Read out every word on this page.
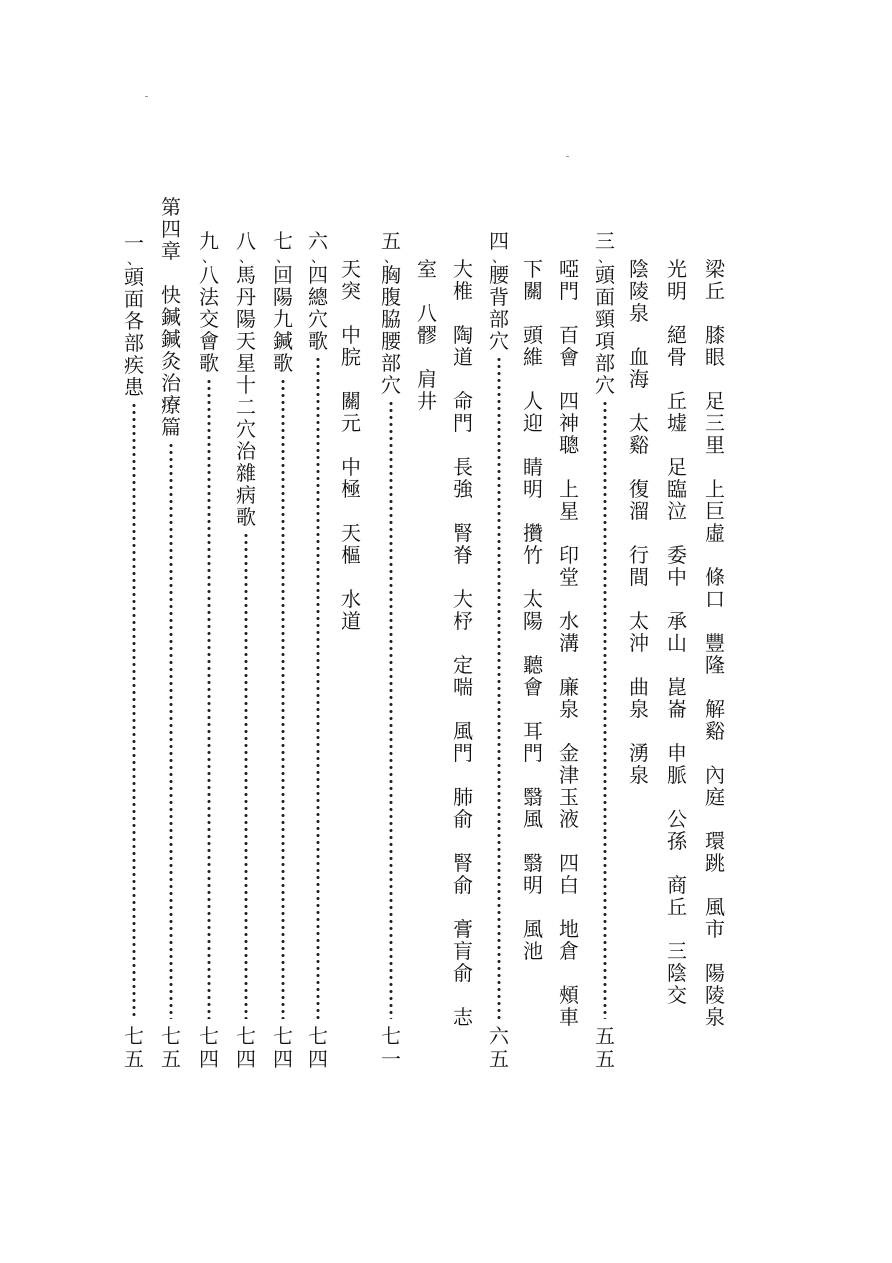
梁
丘
膝
眼
足
三
里
上
巨
虛
條
口
豐
隆
解
谿
內
庭
環
跳
風
市
陽
陵
泉
光
明
絕
骨
丘
墟
足
臨
泣
委
中
承
山
崑
崙
申
脈
公
孫
商
丘
三
陰
交
陰
陵
泉
血
海
太
谿
復
溜
行
間
太
沖
曲
泉
湧
泉
三
、
頭
面
頸
項
部
穴
五
五
啞
門
百
會
四
神
聰
上
星
印
堂
水
溝
廉
泉
金
津
玉
液
四
白
地
倉
頰
車
下
關
頭
維
人
迎
睛
明
攢
竹
太
陽
聽
會
耳
門
翳
風
翳
明
風
池
四
、
腰
背
部
穴
六
五
大
椎
陶
道
命
門
長
強
腎
脊
大
杼
定
喘
風
門
肺
俞
腎
俞
膏
肓
俞
志
室
八
髎
肩
井
五
、
胸
腹
脇
腰
部
穴
七
一
天
突
中
脘
關
元
中
極
天
樞
水
道
六
、
四
總
穴
歌
七
四
七
、
回
陽
九
鍼
歌
七
四
八
、
馬
丹
陽
天
星
十
二
穴
治
雜
病
歌
七
四
九
、
八
法
交
會
歌
七
四
第
四
章
快
鍼
鍼
灸
治
療
篇
七
五
一
、
頭
面
各
部
疾
患
七
五
